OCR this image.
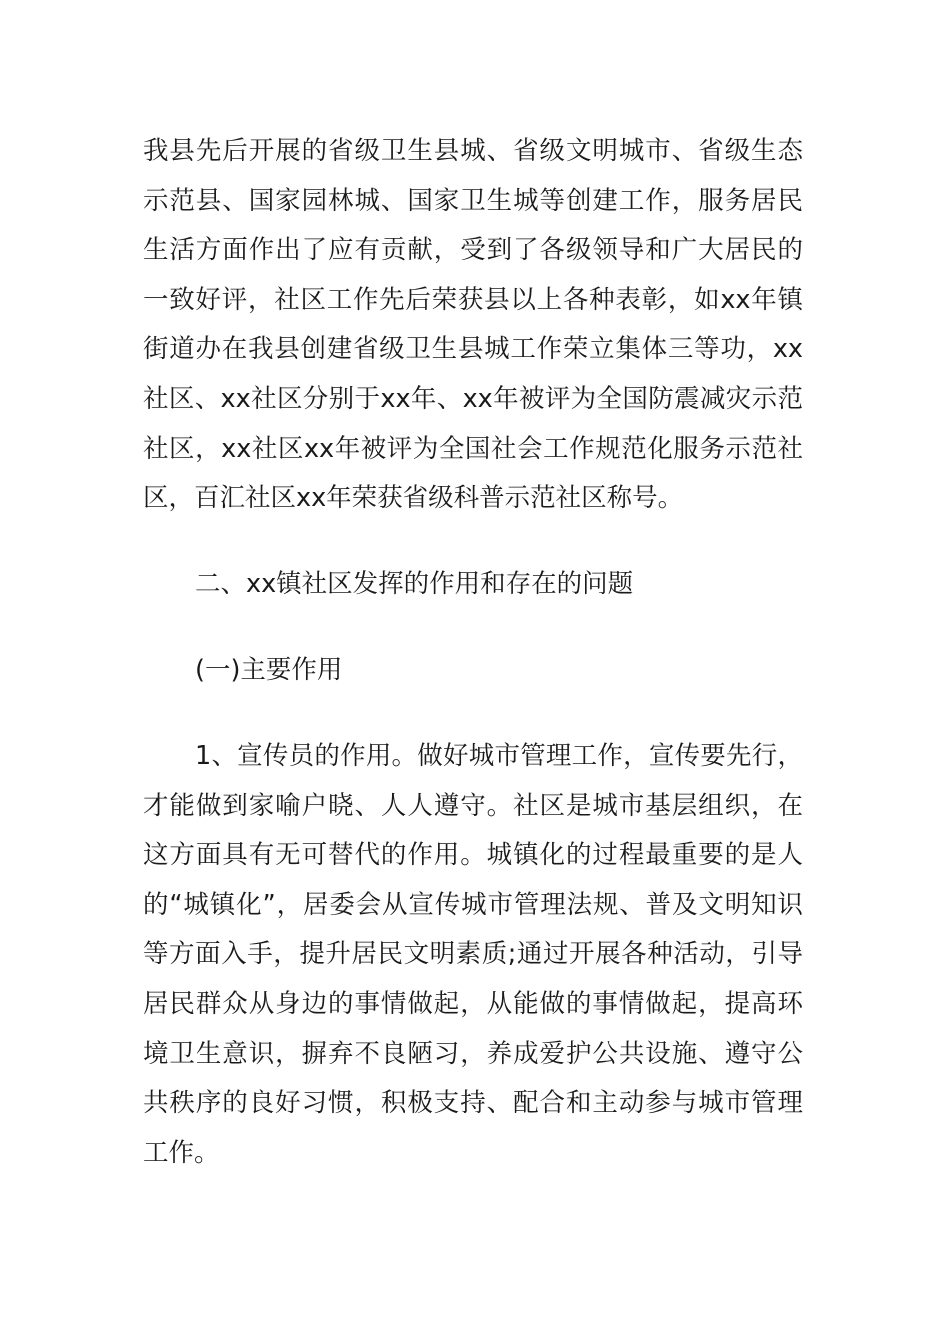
我县先后开展的省级卫生县城、省级文明城市、省级生态示范县、国家园林城、国家卫生城等创建工作，服务居民生活方面作出了应有贡献，受到了各级领导和广大居民的一致好评，社区工作先后荣获县以上各种表彰，如xx年镇街道办在我县创建省级卫生县城工作荣立集体三等功，xx社区、xx社区分别于xx年、xx年被评为全国防震减灾示范社区，xx社区xx年被评为全国社会工作规范化服务示范社区，百汇社区xx年荣获省级科普示范社区称号。

二、xx镇社区发挥的作用和存在的问题

(一)主要作用

1、宣传员的作用。做好城市管理工作，宣传要先行，才能做到家喻户晓、人人遵守。社区是城市基层组织，在这方面具有无可替代的作用。城镇化的过程最重要的是人的“城镇化”，居委会从宣传城市管理法规、普及文明知识等方面入手，提升居民文明素质;通过开展各种活动，引导居民群众从身边的事情做起，从能做的事情做起，提高环境卫生意识，摒弃不良陋习，养成爱护公共设施、遵守公共秩序的良好习惯，积极支持、配合和主动参与城市管理工作。
